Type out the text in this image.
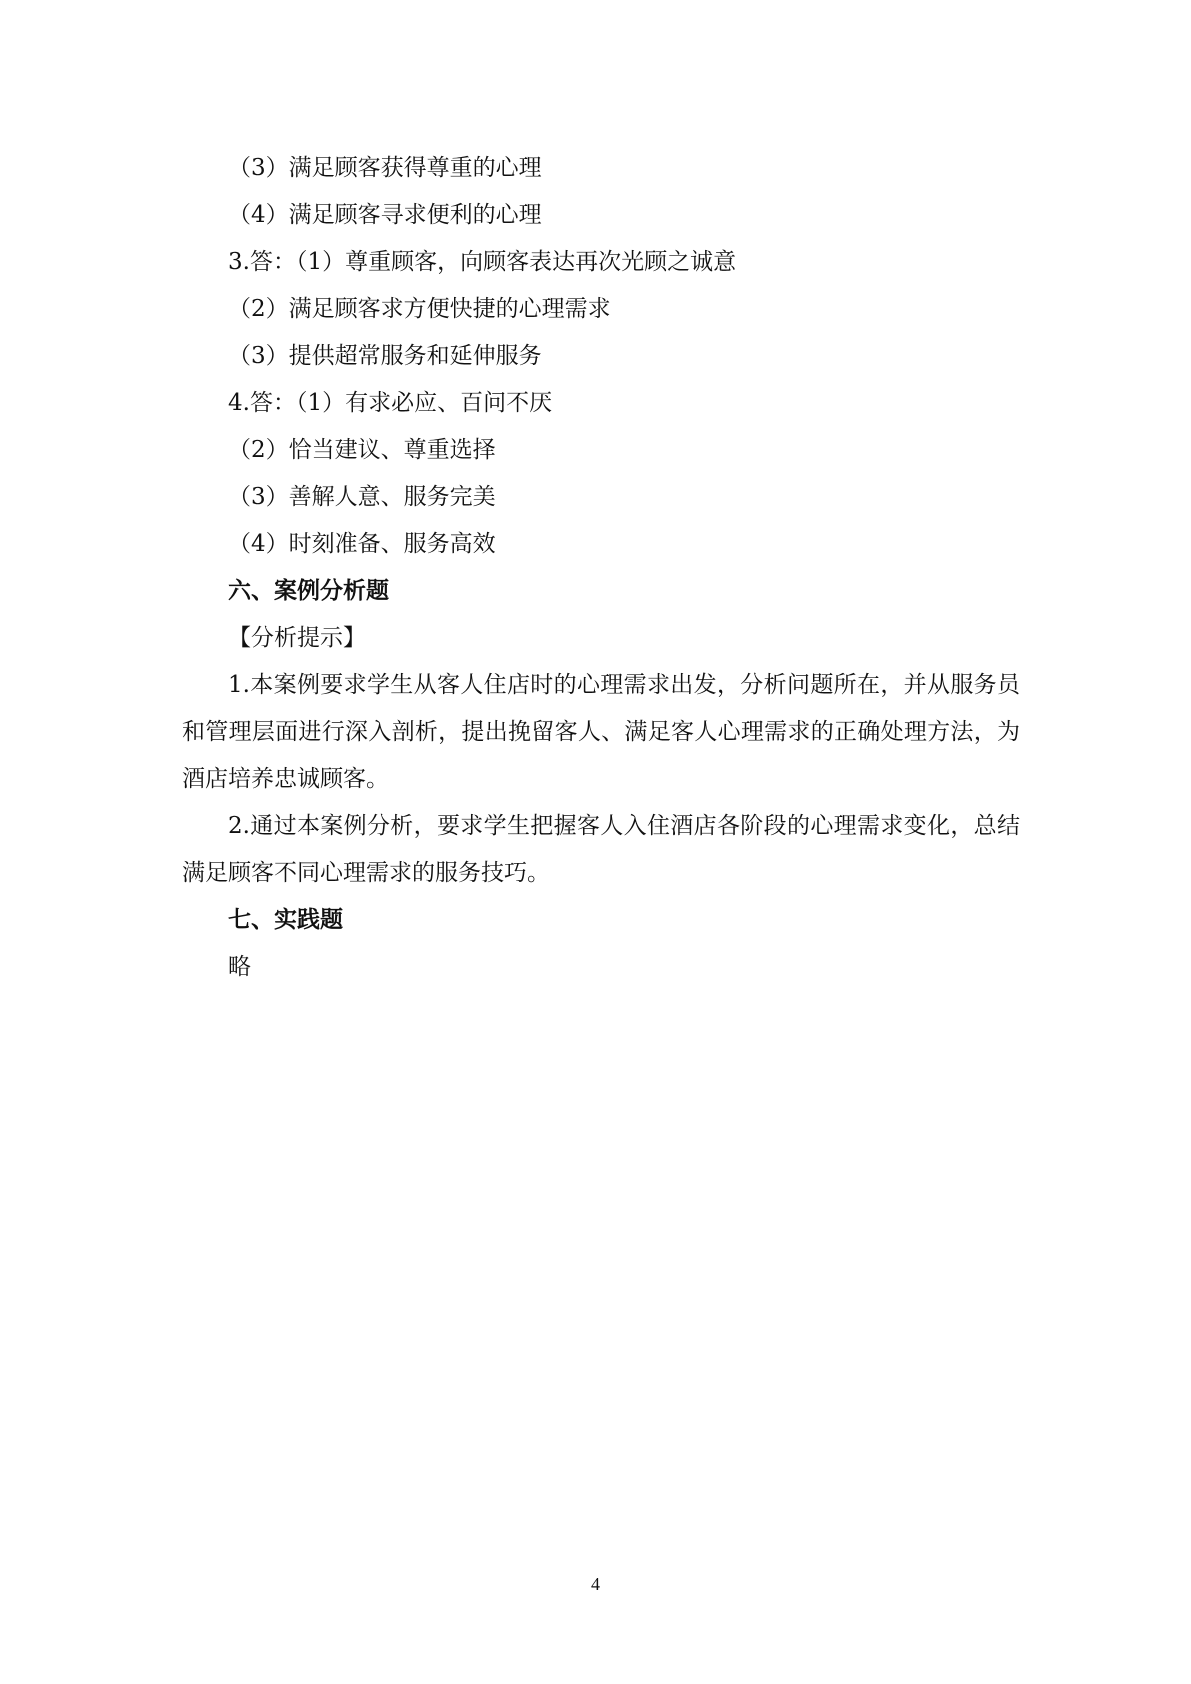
（3）满足顾客获得尊重的心理
（4）满足顾客寻求便利的心理
3.答：（1）尊重顾客，向顾客表达再次光顾之诚意
（2）满足顾客求方便快捷的心理需求
（3）提供超常服务和延伸服务
4.答：（1）有求必应、百问不厌
（2）恰当建议、尊重选择
（3）善解人意、服务完美
（4）时刻准备、服务高效
六、案例分析题
【分析提示】
1.本案例要求学生从客人住店时的心理需求出发，分析问题所在，并从服务员和管理层面进行深入剖析，提出挽留客人、满足客人心理需求的正确处理方法，为酒店培养忠诚顾客。
2.通过本案例分析，要求学生把握客人入住酒店各阶段的心理需求变化，总结满足顾客不同心理需求的服务技巧。
七、实践题
略
4
